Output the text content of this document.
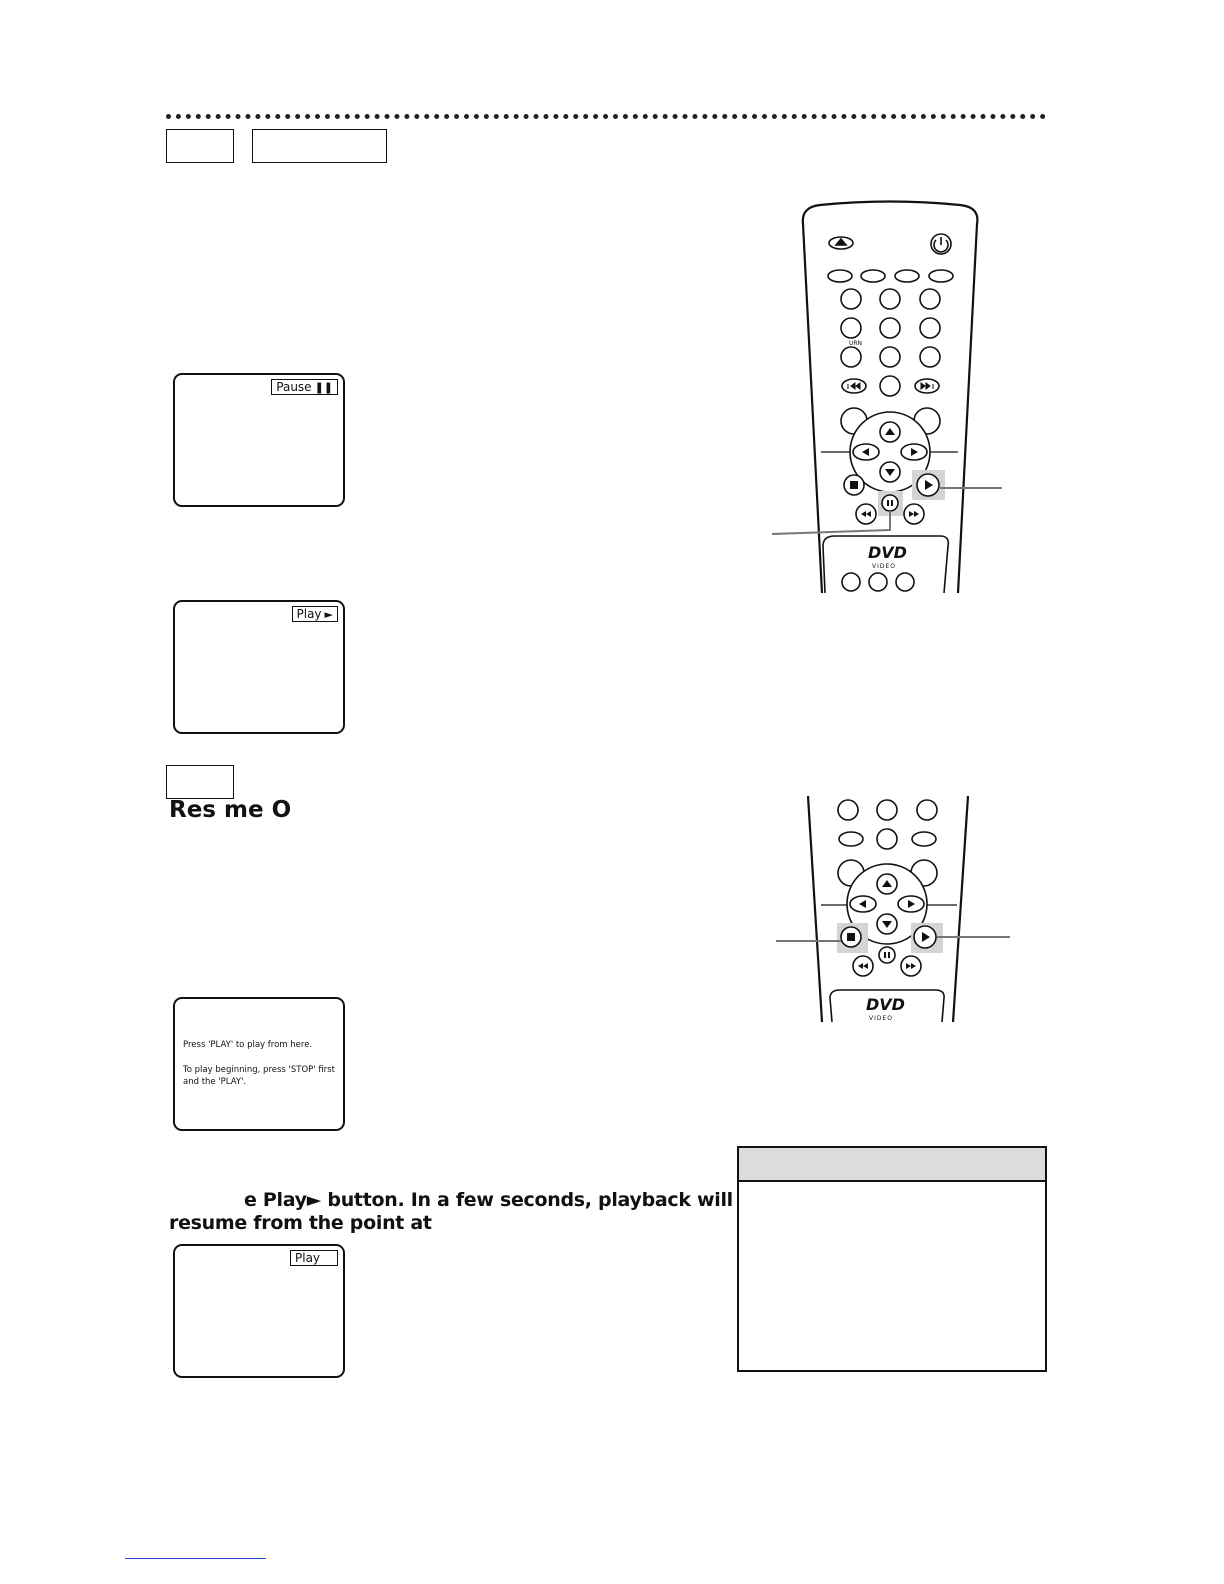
Pause ❚❚
Play ►
Res me O
Press 'PLAY' to play from here.
To play beginning, press 'STOP' first and the 'PLAY'.
e Play► button. In a few seconds, playback will
resume from the point at
Play
URN
DVD
VIDEO
DVD
VIDEO
